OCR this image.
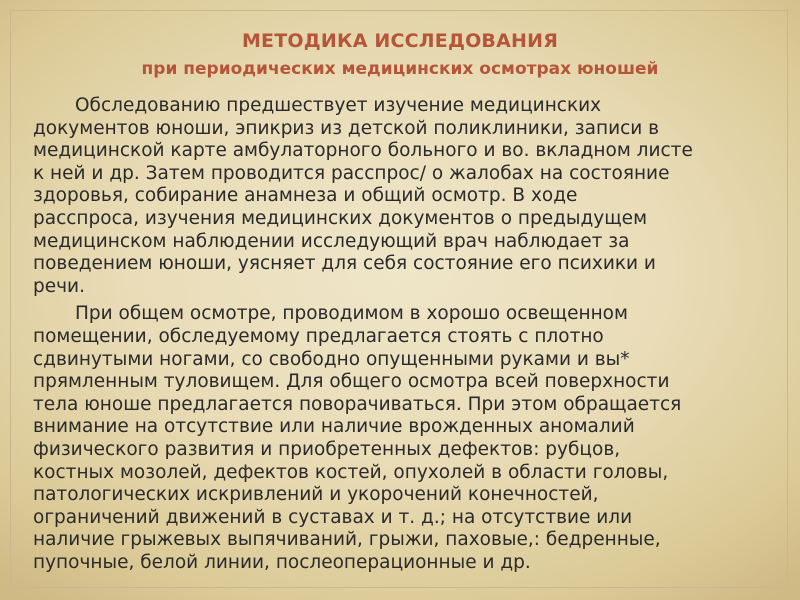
МЕТОДИКА ИССЛЕДОВАНИЯ
при периодических медицинских осмотрах юношей
Обследованию предшествует изучение медицинских
документов юноши, эпикриз из детской поликлиники, записи в
медицинской карте амбулаторного больного и во. вкладном листе
к ней и др. Затем проводится расспрос/ о жалобах на состояние
здоровья, собирание анамнеза и общий осмотр. В ходе
расспроса, изучения медицинских документов о предыдущем
медицинском наблюдении исследующий врач наблюдает за
поведением юноши, уясняет для себя состояние его психики и
речи.
При общем осмотре, проводимом в хорошо освещенном
помещении, обследуемому предлагается стоять с плотно
сдвинутыми ногами, со свободно опущенными руками и вы*
прямленным туловищем. Для общего осмотра всей поверхности
тела юноше предлагается поворачиваться. При этом обращается
внимание на отсутствие или наличие врожденных аномалий
физического развития и приобретенных дефектов: рубцов,
костных мозолей, дефектов костей, опухолей в области головы,
патологических искривлений и укорочений конечностей,
ограничений движений в суставах и т. д.; на отсутствие или
наличие грыжевых выпячиваний, грыжи, паховые,: бедренные,
пупочные, белой линии, послеоперационные и др.
